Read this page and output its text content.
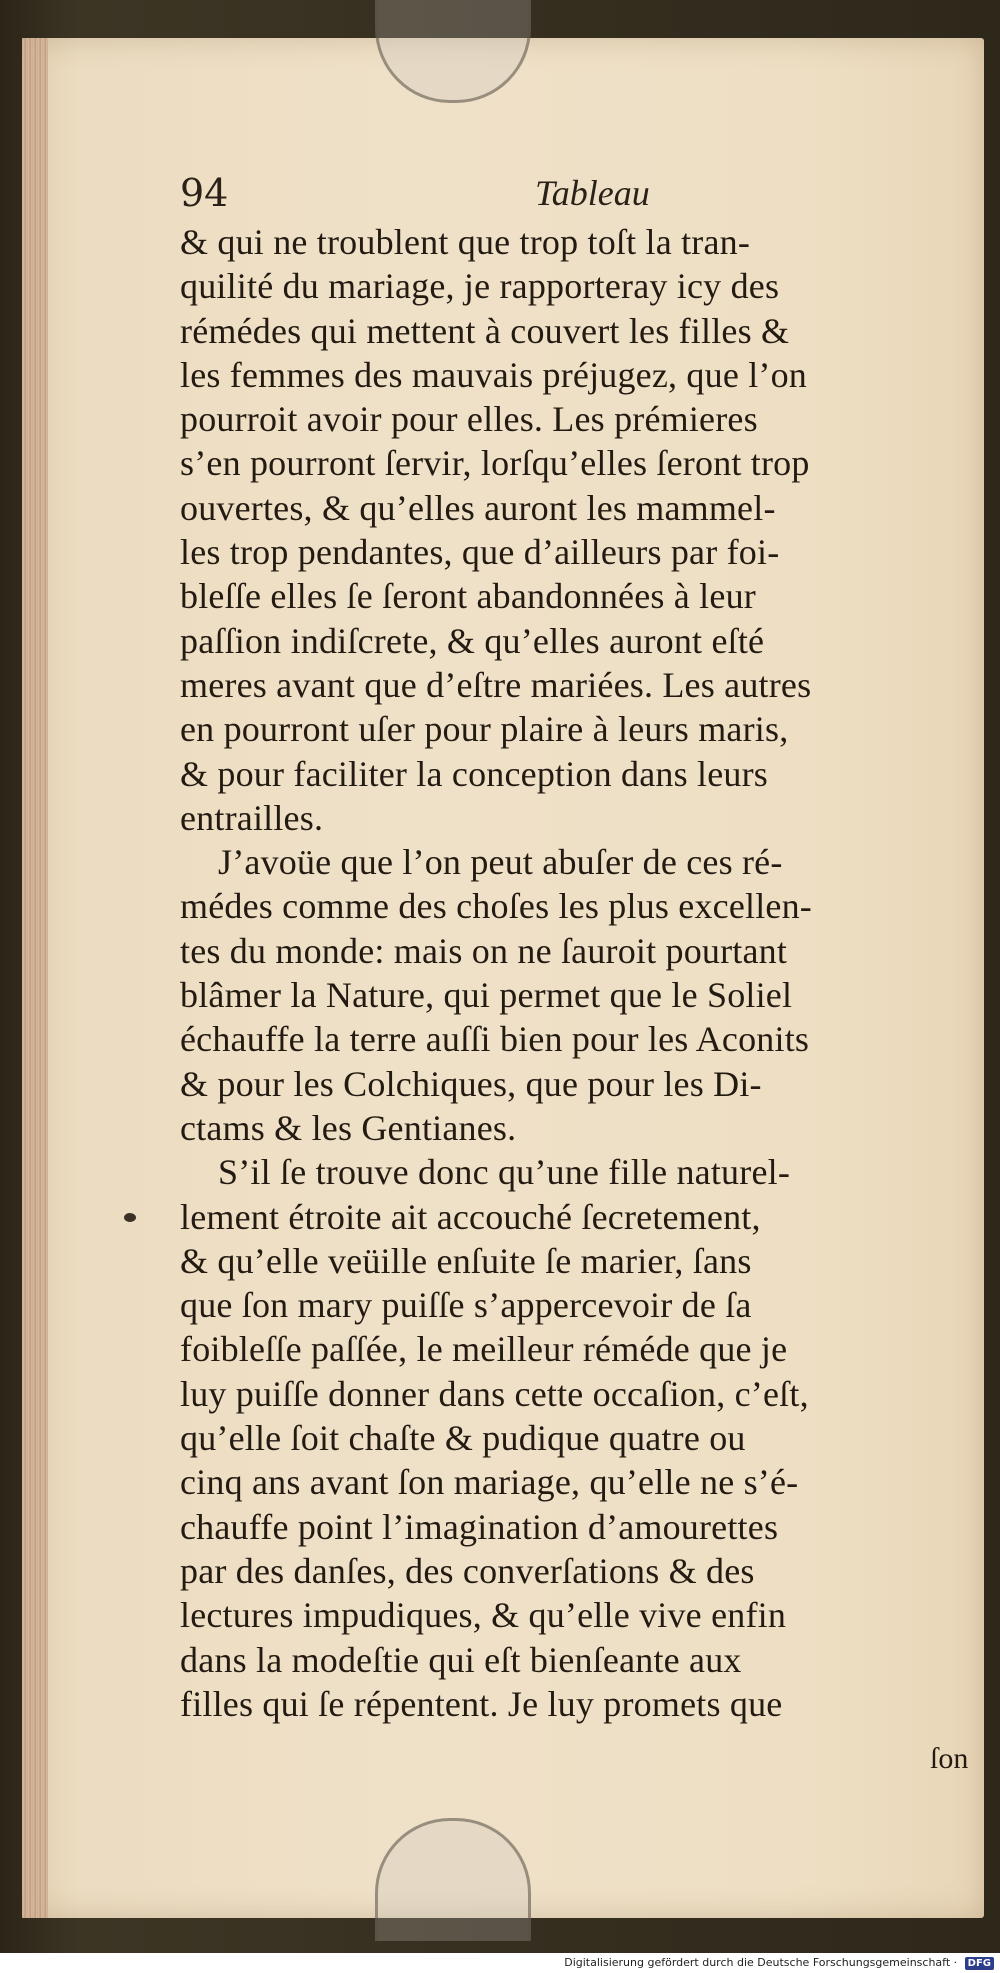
94	Tableau
& qui ne troublent que trop toſt la tran-
quilité du mariage, je rapporteray icy des
rémédes qui mettent à couvert les filles &
les femmes des mauvais préjugez, que l’on
pourroit avoir pour elles. Les prémieres
s’en pourront ſervir, lorſqu’elles ſeront trop
ouvertes, & qu’elles auront les mammel-
les trop pendantes, que d’ailleurs par foi-
bleſſe elles ſe ſeront abandonnées à leur
paſſion indiſcrete, & qu’elles auront eſté
meres avant que d’eſtre mariées. Les autres
en pourront uſer pour plaire à leurs maris,
& pour faciliter la conception dans leurs
entrailles.
J’avoüe que l’on peut abuſer de ces ré-
médes comme des choſes les plus excellen-
tes du monde: mais on ne ſauroit pourtant
blâmer la Nature, qui permet que le Soliel
échauffe la terre auſſi bien pour les Aconits
& pour les Colchiques, que pour les Di-
ctams & les Gentianes.
S’il ſe trouve donc qu’une fille naturel-
lement étroite ait accouché ſecretement,
& qu’elle veüille enſuite ſe marier, ſans
que ſon mary puiſſe s’appercevoir de ſa
foibleſſe paſſée, le meilleur réméde que je
luy puiſſe donner dans cette occaſion, c’eſt,
qu’elle ſoit chaſte & pudique quatre ou
cinq ans avant ſon mariage, qu’elle ne s’é-
chauffe point l’imagination d’amourettes
par des danſes, des converſations & des
lectures impudiques, & qu’elle vive enfin
dans la modeſtie qui eſt bienſeante aux
filles qui ſe répentent. Je luy promets que
ſon
Digitalisierung gefördert durch die Deutsche Forschungsgemeinschaft · DFG
